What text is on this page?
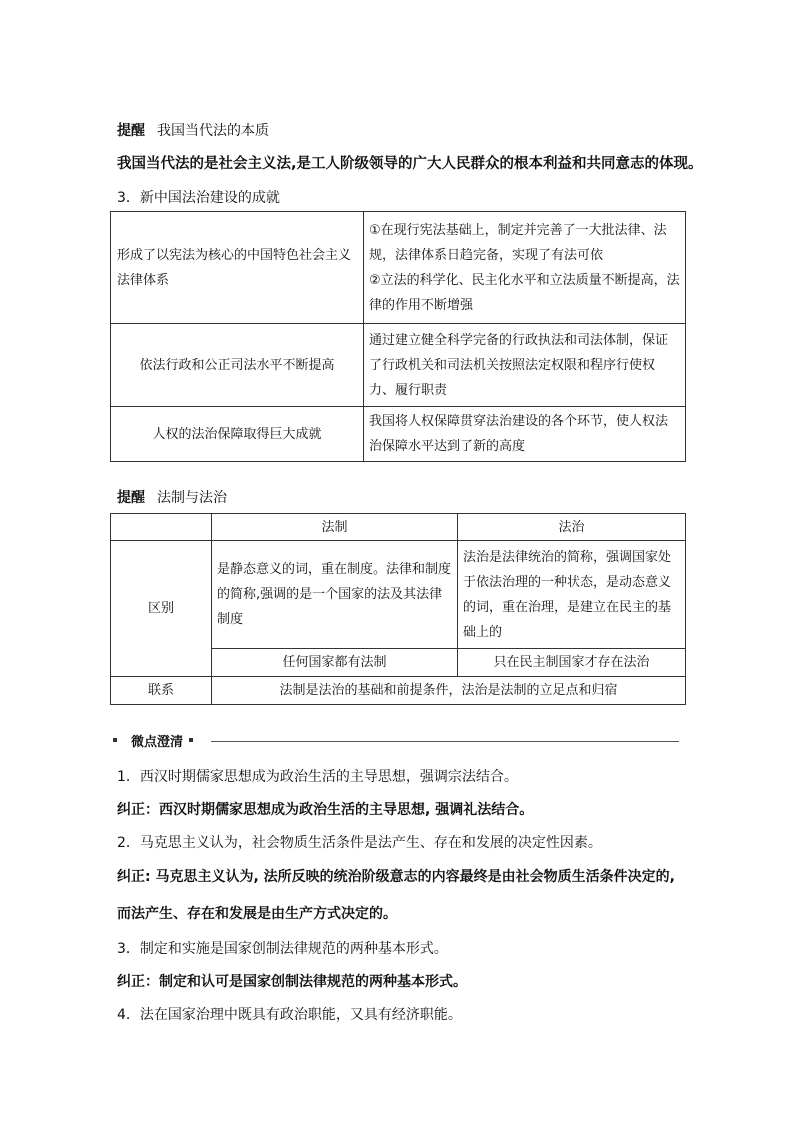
提醒 我国当代法的本质
我国当代法的是社会主义法,是工人阶级领导的广大人民群众的根本利益和共同意志的体现。
3．新中国法治建设的成就
形成了以宪法为核心的中国特色社会主义法律体系	①在现行宪法基础上，制定并完善了一大批法律、法规，法律体系日趋完备，实现了有法可依
②立法的科学化、民主化水平和立法质量不断提高，法律的作用不断增强

依法行政和公正司法水平不断提高	通过建立健全科学完备的行政执法和司法体制，保证了行政机关和司法机关按照法定权限和程序行使权力、履行职责
人权的法治保障取得巨大成就	我国将人权保障贯穿法治建设的各个环节，使人权法治保障水平达到了新的高度
提醒 法制与法治
	法制	法治
区别	是静态意义的词，重在制度。法律和制度的简称,强调的是一个国家的法及其法律制度	法治是法律统治的简称，强调国家处于依法治理的一种状态，是动态意义的词，重在治理，是建立在民主的基础上的
	任何国家都有法制	只在民主制国家才存在法治
联系	法制是法治的基础和前提条件，法治是法制的立足点和归宿	
微点澄清
1．西汉时期儒家思想成为政治生活的主导思想，强调宗法结合。
纠正：西汉时期儒家思想成为政治生活的主导思想, 强调礼法结合。
2．马克思主义认为，社会物质生活条件是法产生、存在和发展的决定性因素。
纠正: 马克思主义认为, 法所反映的统治阶级意志的内容最终是由社会物质生活条件决定的,
而法产生、存在和发展是由生产方式决定的。
3．制定和实施是国家创制法律规范的两种基本形式。
纠正：制定和认可是国家创制法律规范的两种基本形式。
4．法在国家治理中既具有政治职能，又具有经济职能。
